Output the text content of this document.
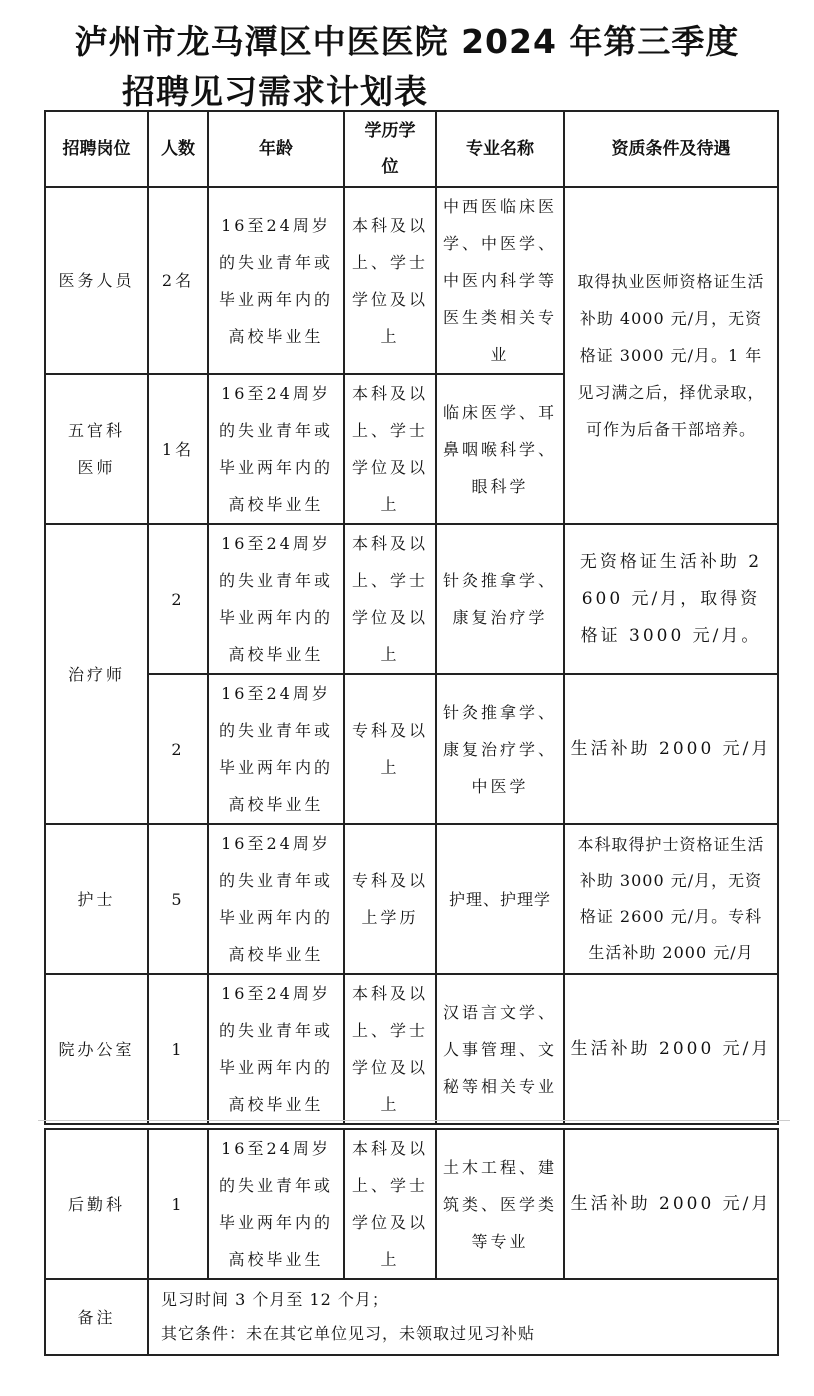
泸州市龙马潭区中医医院 2024 年第三季度
招聘见习需求计划表
招聘岗位	人数	年龄	学历学位	专业名称	资质条件及待遇
医务人员	2名	16至24周岁的失业青年或毕业两年内的高校毕业生	本科及以上、学士学位及以上	中西医临床医学、中医学、中医内科学等医生类相关专业	取得执业医师资格证生活补助 4000 元/月，无资格证 3000 元/月。1 年见习满之后，择优录取，可作为后备干部培养。
五官科医师	1名	16至24周岁的失业青年或毕业两年内的高校毕业生	本科及以上、学士学位及以上	临床医学、耳鼻咽喉科学、眼科学	
治疗师	2	16至24周岁的失业青年或毕业两年内的高校毕业生	本科及以上、学士学位及以上	针灸推拿学、康复治疗学	无资格证生活补助 2600 元/月，取得资格证 3000 元/月。
	2	16至24周岁的失业青年或毕业两年内的高校毕业生	专科及以上	针灸推拿学、康复治疗学、中医学	生活补助 2000 元/月
护士	5	16至24周岁的失业青年或毕业两年内的高校毕业生	专科及以上学历	护理、护理学	本科取得护士资格证生活补助 3000 元/月，无资格证 2600 元/月。专科生活补助 2000 元/月
院办公室	1	16至24周岁的失业青年或毕业两年内的高校毕业生	本科及以上、学士学位及以上	汉语言文学、人事管理、文秘等相关专业	生活补助 2000 元/月
后勤科	1	16至24周岁的失业青年或毕业两年内的高校毕业生	本科及以上、学士学位及以上	土木工程、建筑类、医学类等专业	生活补助 2000 元/月
备注	见习时间 3 个月至 12 个月；
其它条件：未在其它单位见习，未领取过见习补贴				
